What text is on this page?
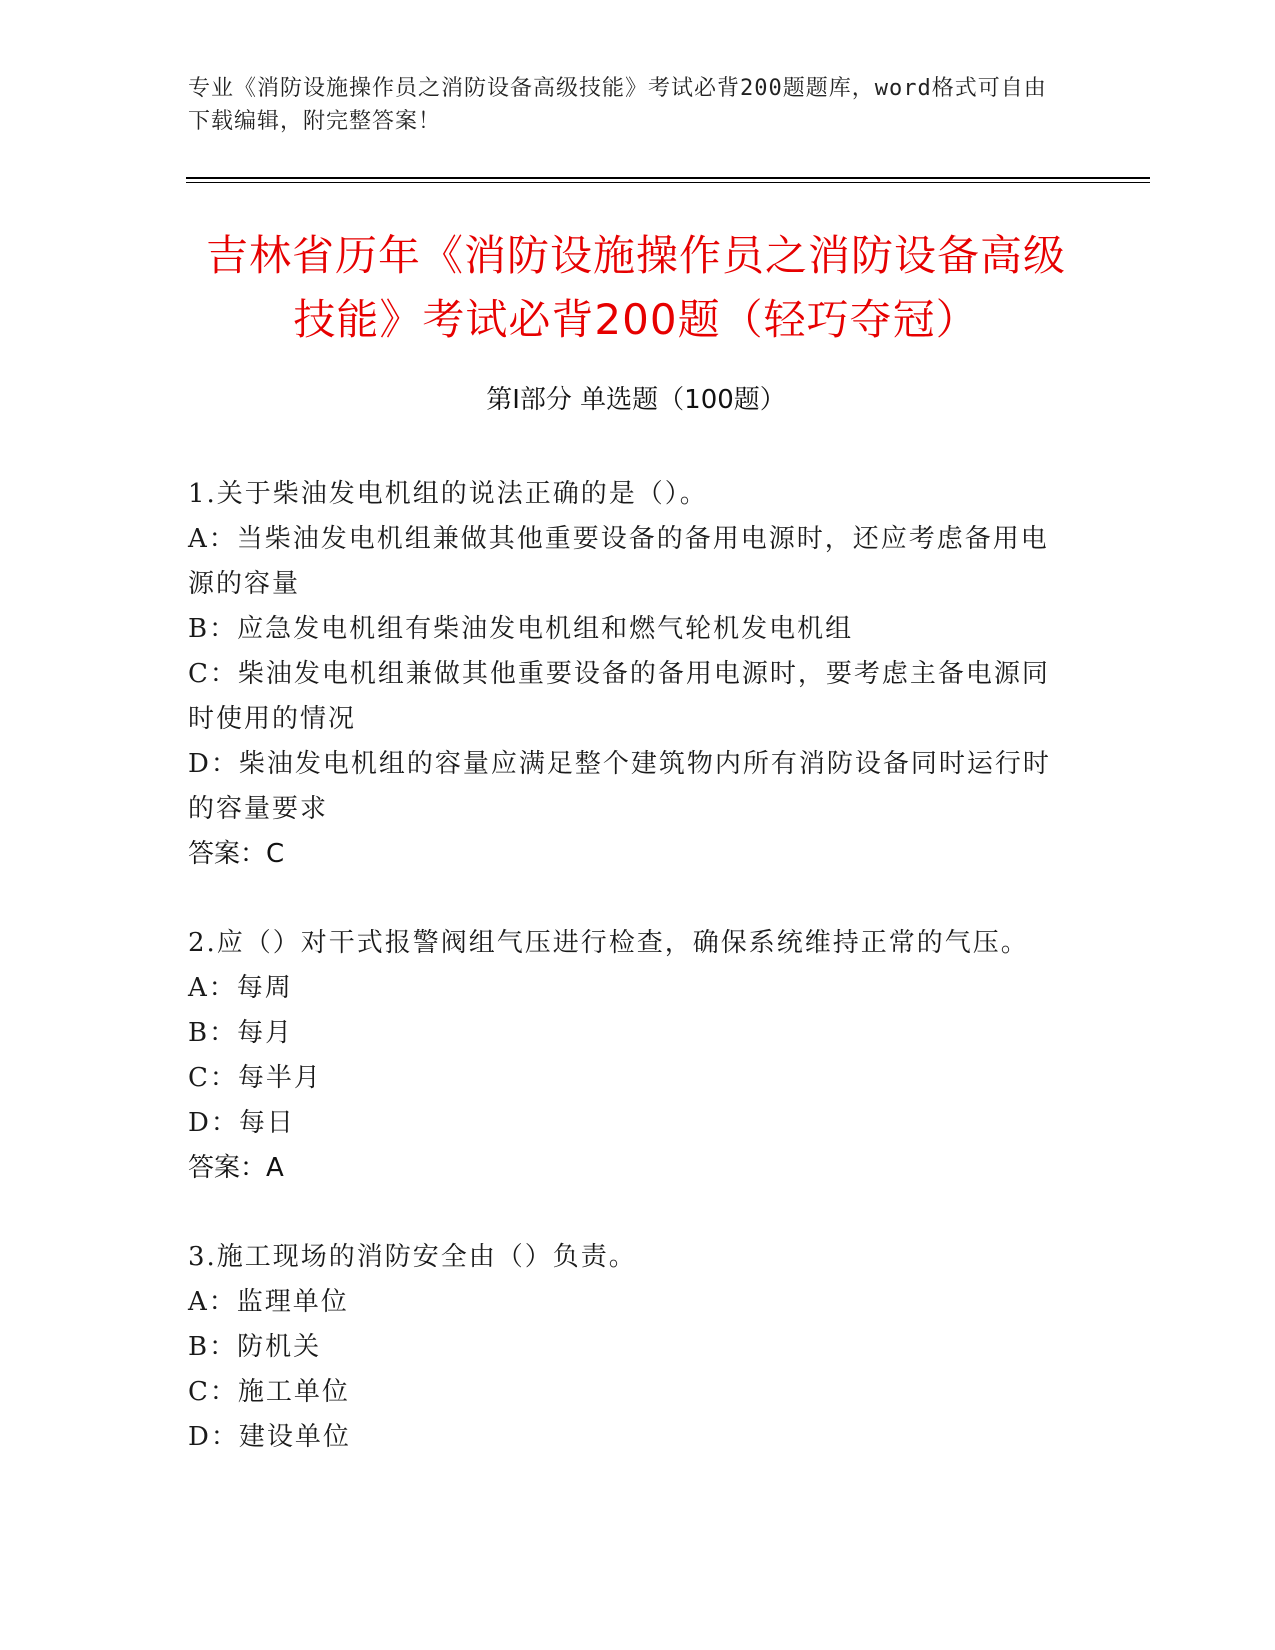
专业《消防设施操作员之消防设备高级技能》考试必背200题题库，word格式可自由下载编辑，附完整答案！
吉林省历年《消防设施操作员之消防设备高级技能》考试必背200题（轻巧夺冠）
第I部分 单选题（100题）
1.关于柴油发电机组的说法正确的是（）。
A：当柴油发电机组兼做其他重要设备的备用电源时，还应考虑备用电源的容量
B：应急发电机组有柴油发电机组和燃气轮机发电机组
C：柴油发电机组兼做其他重要设备的备用电源时，要考虑主备电源同时使用的情况
D：柴油发电机组的容量应满足整个建筑物内所有消防设备同时运行时的容量要求
答案：C
2.应（）对干式报警阀组气压进行检查，确保系统维持正常的气压。
A：每周
B：每月
C：每半月
D：每日
答案：A
3.施工现场的消防安全由（）负责。
A：监理单位
B：防机关
C：施工单位
D：建设单位
